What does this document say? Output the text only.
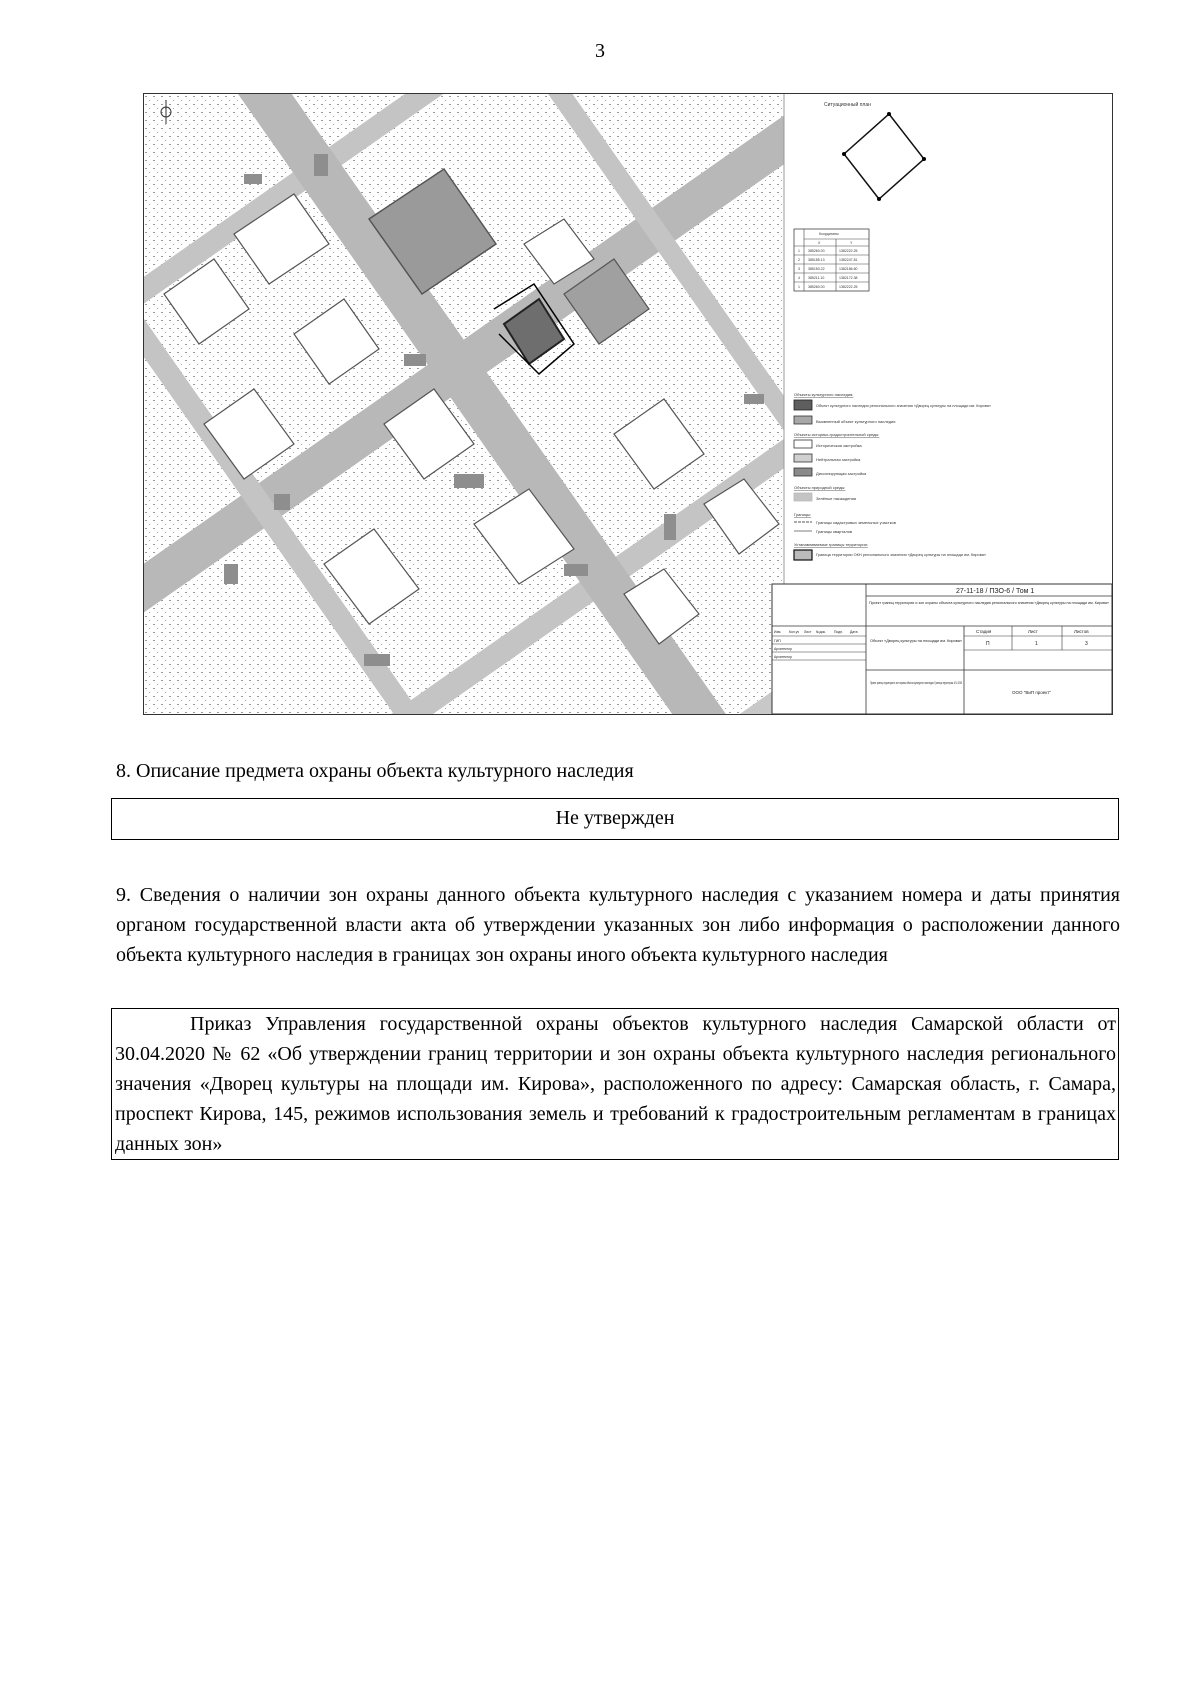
3
Ситуационный план
Координаты
X	Y
1 385260.00	1382222.25
2 385185.13	1382247.81
3 385150.22	1382186.60
4 385211.10	1382172.38
1 385260.00	1382222.25
Объекты культурного наследия:
Объект культурного наследия регионального значения «Дворец культуры на площади им. Кирова»
Выявленный объект культурного наследия
Объекты историко-градостроительной среды:
Историческая застройка
Нейтральная застройка
Диссонирующая застройка
Объекты природной среды:
Зелёные насаждения
Границы:
Границы кадастровых земельных участков
Границы кварталов
Устанавливаемые границы территории:
Граница территории ОКН регионального значения «Дворец культуры на площади им. Кирова»
27-11-18 / ПЗО-6 / Том 1
Проект границ территории и зон охраны объекта культурного наследия регионального значения «Дворец культуры на площади им. Кирова»
Объект «Дворец культуры на площади им. Кирова»
Проект границ территории и зон охраны объекта культурного наследия. Границы территории. М 1:2000
Стадия	Лист	Листов
П	1	3
ООО "ВиП проект"
Изм. Кол.уч Лист №док. Подп. Дата
ГИП
Архитектор
Архитектор
8. Описание предмета охраны объекта культурного наследия
Не утвержден
9. Сведения о наличии зон охраны данного объекта культурного наследия с указанием номера и даты принятия органом государственной власти акта об утверждении указанных зон либо информация о расположении данного объекта культурного наследия в границах зон охраны иного объекта культурного наследия
Приказ Управления государственной охраны объектов культурного наследия Самарской области от 30.04.2020 № 62 «Об утверждении границ территории и зон охраны объекта культурного наследия регионального значения «Дворец культуры на площади им. Кирова», расположенного по адресу: Самарская область, г. Самара, проспект Кирова, 145, режимов использования земель и требований к градостроительным регламентам в границах данных зон»
